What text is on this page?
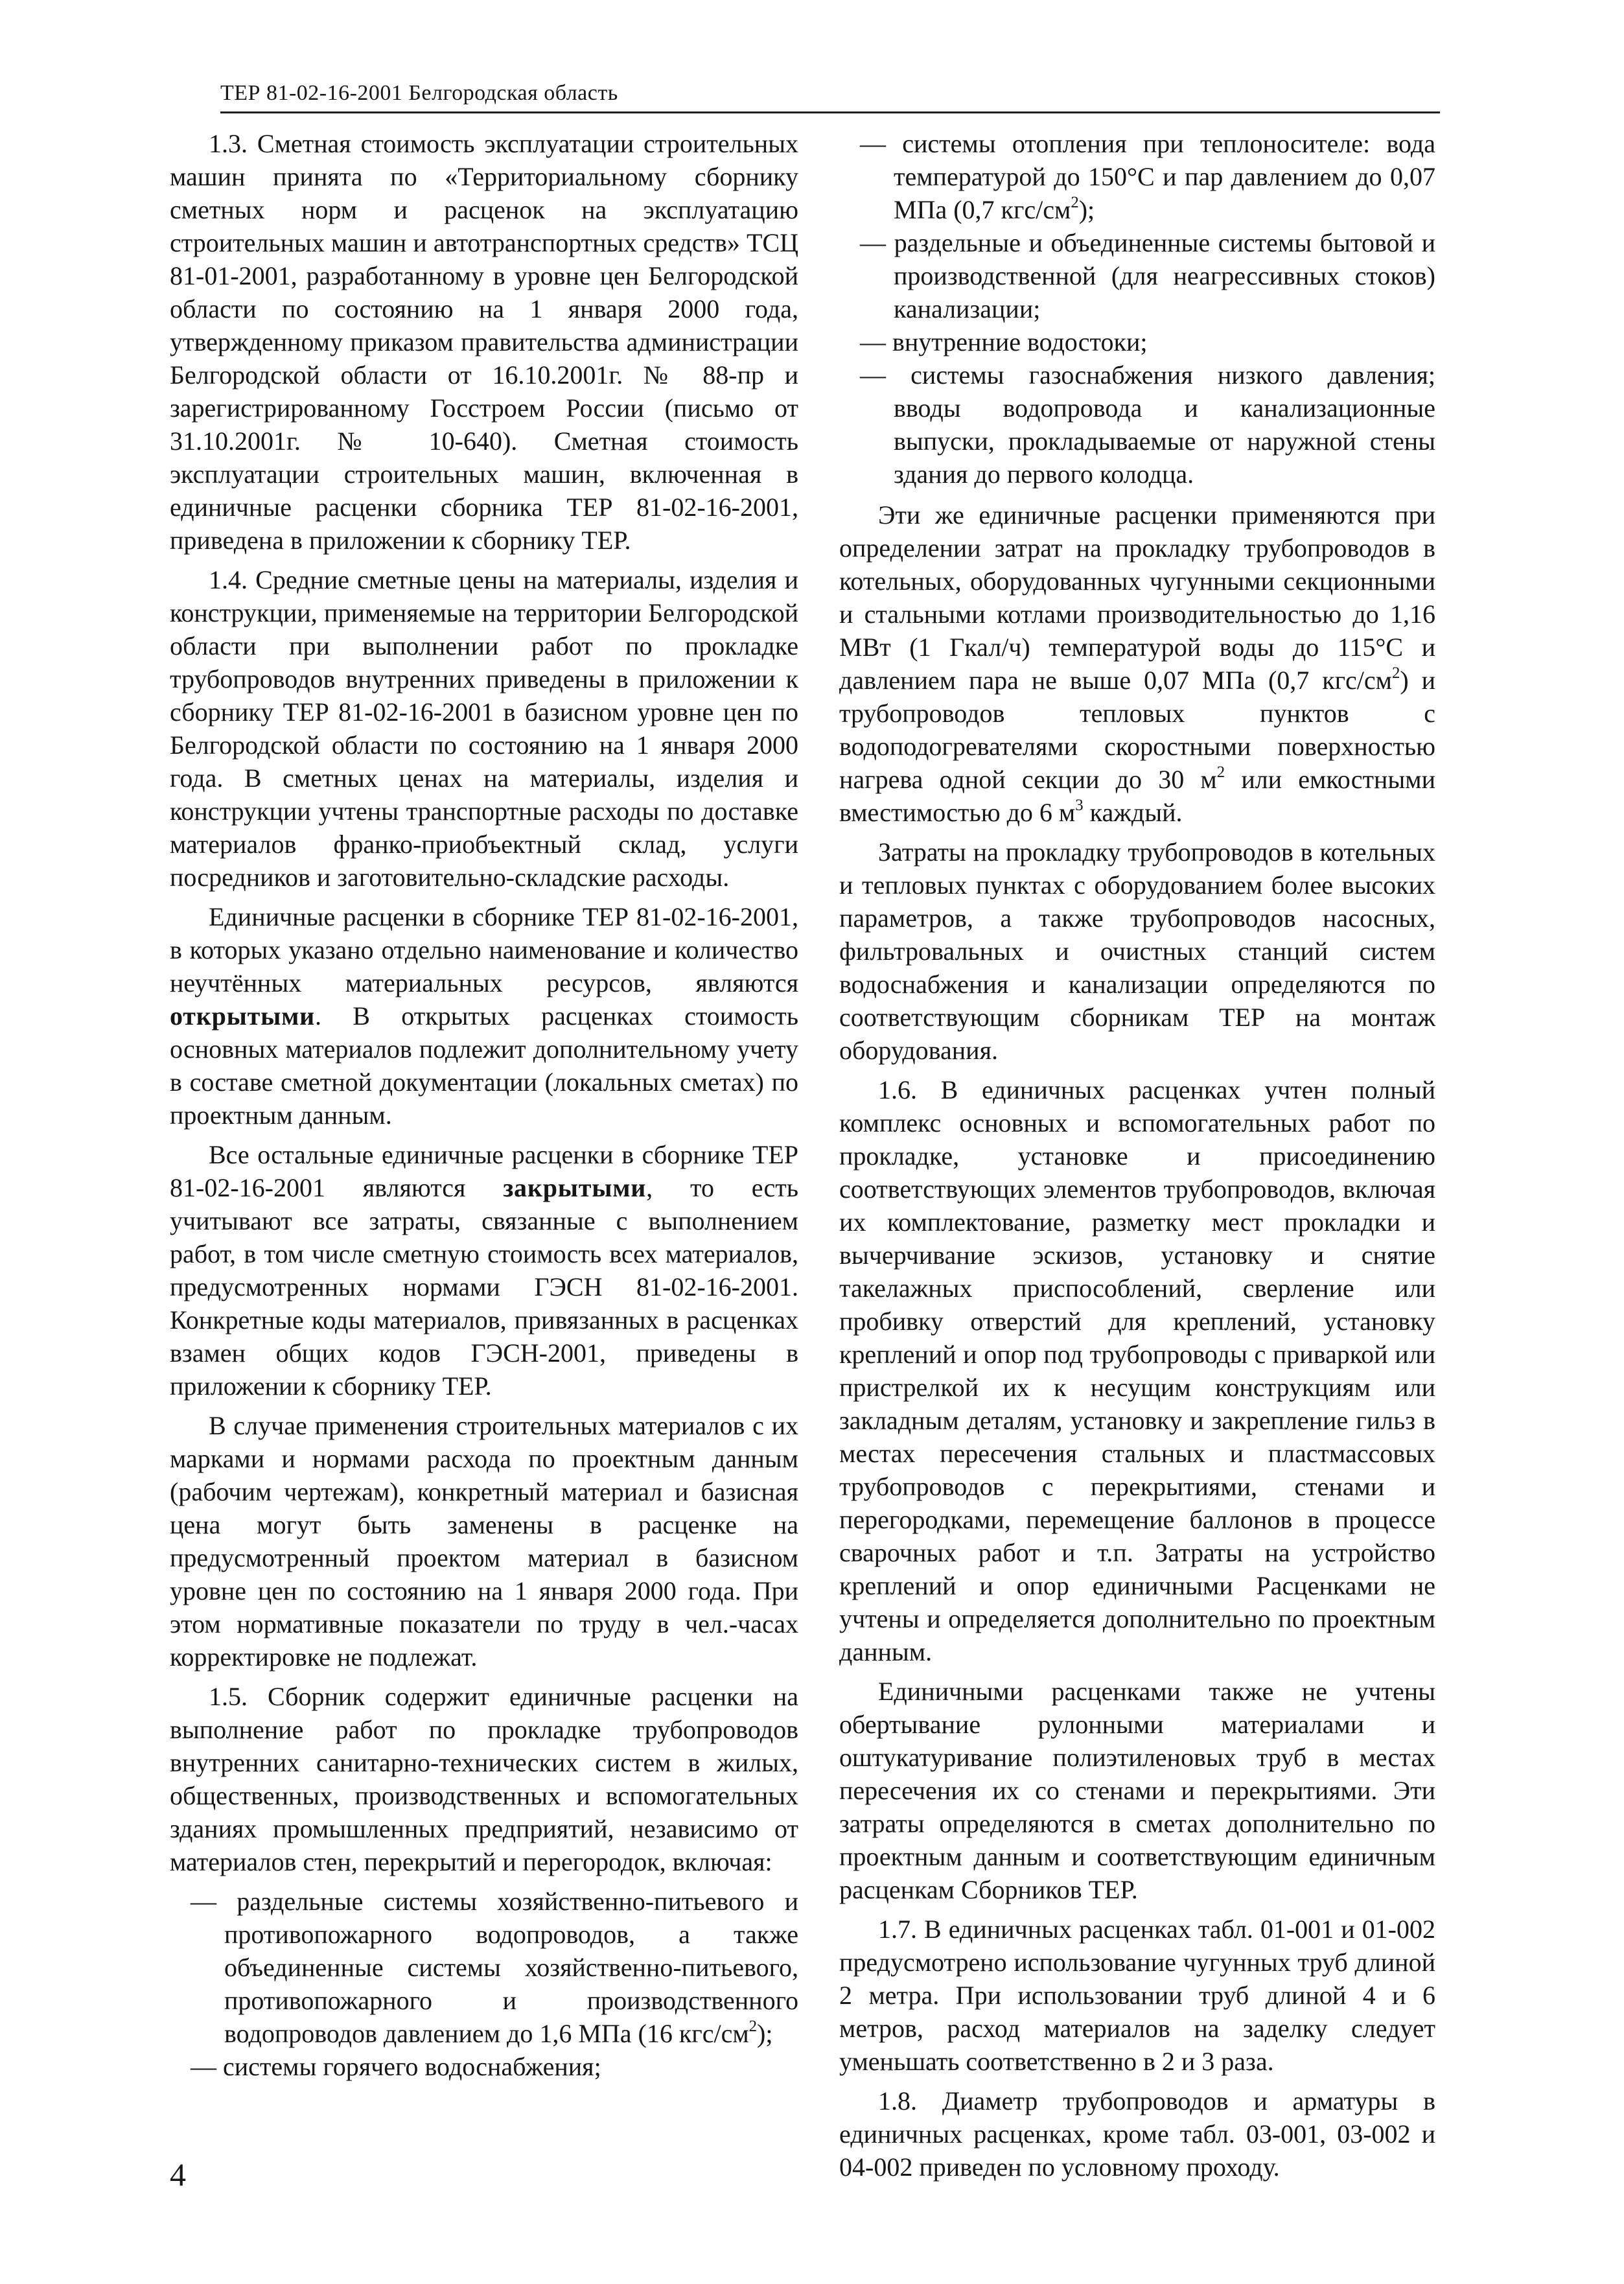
ТЕР 81-02-16-2001 Белгородская область

1.3. Сметная стоимость эксплуатации строительных машин принята по «Территориальному сборнику сметных норм и расценок на эксплуатацию строительных машин и автотранспортных средств» ТСЦ 81-01-2001, разработанному в уровне цен Белгородской области по состоянию на 1 января 2000 года, утвержденному приказом правительства администрации Белгородской области от 16.10.2001г. № 88-пр и зарегистрированному Госстроем России (письмо от 31.10.2001г. № 10-640). Сметная стоимость эксплуатации строительных машин, включенная в единичные расценки сборника ТЕР 81-02-16-2001, приведена в приложении к сборнику ТЕР.

1.4. Средние сметные цены на материалы, изделия и конструкции, применяемые на территории Белгородской области при выполнении работ по прокладке трубопроводов внутренних приведены в приложении к сборнику ТЕР 81-02-16-2001 в базисном уровне цен по Белгородской области по состоянию на 1 января 2000 года. В сметных ценах на материалы, изделия и конструкции учтены транспортные расходы по доставке материалов франко-приобъектный склад, услуги посредников и заготовительно-складские расходы.

Единичные расценки в сборнике ТЕР 81-02-16-2001, в которых указано отдельно наименование и количество неучтённых материальных ресурсов, являются открытыми. В открытых расценках стоимость основных материалов подлежит дополнительному учету в составе сметной документации (локальных сметах) по проектным данным.

Все остальные единичные расценки в сборнике ТЕР 81-02-16-2001 являются закрытыми, то есть учитывают все затраты, связанные с выполнением работ, в том числе сметную стоимость всех материалов, предусмотренных нормами ГЭСН 81-02-16-2001. Конкретные коды материалов, привязанных в расценках взамен общих кодов ГЭСН-2001, приведены в приложении к сборнику ТЕР.

В случае применения строительных материалов с их марками и нормами расхода по проектным данным (рабочим чертежам), конкретный материал и базисная цена могут быть заменены в расценке на предусмотренный проектом материал в базисном уровне цен по состоянию на 1 января 2000 года. При этом нормативные показатели по труду в чел.-часах корректировке не подлежат.

1.5. Сборник содержит единичные расценки на выполнение работ по прокладке трубопроводов внутренних санитарно-технических систем в жилых, общественных, производственных и вспомогательных зданиях промышленных предприятий, независимо от материалов стен, перекрытий и перегородок, включая:

— раздельные системы хозяйственно-питьевого и противопожарного водопроводов, а также объединенные системы хозяйственно-питьевого, противопожарного и производственного водопроводов давлением до 1,6 МПа (16 кгс/$см^2$);

— системы горячего водоснабжения;

— системы отопления при теплоносителе: вода температурой до 150°С и пар давлением до 0,07 МПа (0,7 кгс/$см^2$);

— раздельные и объединенные системы бытовой и производственной (для неагрессивных стоков) канализации;

— внутренние водостоки;

— системы газоснабжения низкого давления; вводы водопровода и канализационные выпуски, прокладываемые от наружной стены здания до первого колодца.

Эти же единичные расценки применяются при определении затрат на прокладку трубопроводов в котельных, оборудованных чугунными секционными и стальными котлами производительностью до 1,16 МВт (1 Гкал/ч) температурой воды до 115°С и давлением пара не выше 0,07 МПа (0,7 кгс/$см^2$) и трубопроводов тепловых пунктов с водоподогревателями скоростными поверхностью нагрева одной секции до 30 $м^2$ или емкостными вместимостью до 6 $м^3$ каждый.

Затраты на прокладку трубопроводов в котельных и тепловых пунктах с оборудованием более высоких параметров, а также трубопроводов насосных, фильтровальных и очистных станций систем водоснабжения и канализации определяются по соответствующим сборникам ТЕР на монтаж оборудования.

1.6. В единичных расценках учтен полный комплекс основных и вспомогательных работ по прокладке, установке и присоединению соответствующих элементов трубопроводов, включая их комплектование, разметку мест прокладки и вычерчивание эскизов, установку и снятие такелажных приспособлений, сверление или пробивку отверстий для креплений, установку креплений и опор под трубопроводы с приваркой или пристрелкой их к несущим конструкциям или закладным деталям, установку и закрепление гильз в местах пересечения стальных и пластмассовых трубопроводов с перекрытиями, стенами и перегородками, перемещение баллонов в процессе сварочных работ и т.п. Затраты на устройство креплений и опор единичными Расценками не учтены и определяется дополнительно по проектным данным.

Единичными расценками также не учтены обертывание рулонными материалами и оштукатуривание полиэтиленовых труб в местах пересечения их со стенами и перекрытиями. Эти затраты определяются в сметах дополнительно по проектным данным и соответствующим единичным расценкам Сборников ТЕР.

1.7. В единичных расценках табл. 01-001 и 01-002 предусмотрено использование чугунных труб длиной 2 метра. При использовании труб длиной 4 и 6 метров, расход материалов на заделку следует уменьшать соответственно в 2 и 3 раза.

1.8. Диаметр трубопроводов и арматуры в единичных расценках, кроме табл. 03-001, 03-002 и 04-002 приведен по условному проходу.

4
